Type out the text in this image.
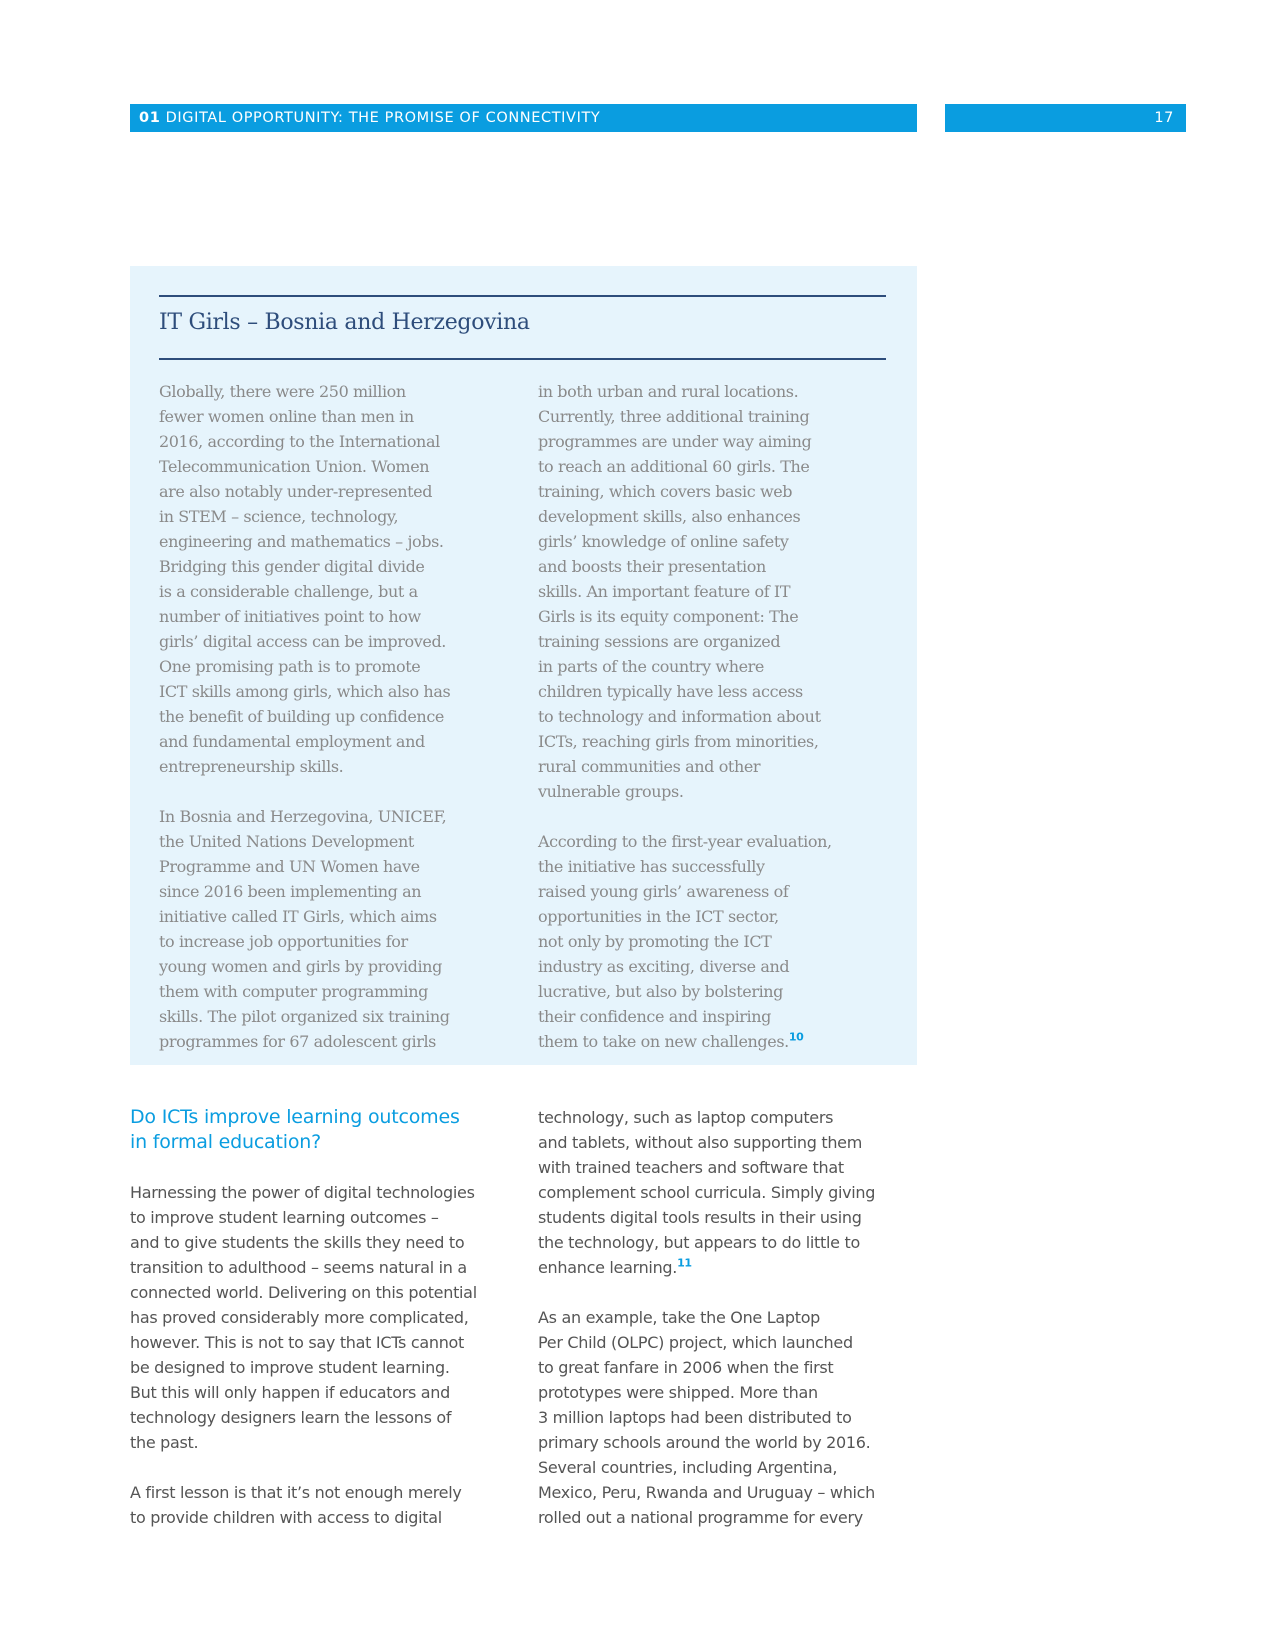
01 DIGITAL OPPORTUNITY: THE PROMISE OF CONNECTIVITY	17
IT Girls – Bosnia and Herzegovina

Globally, there were 250 million
fewer women online than men in
2016, according to the International
Telecommunication Union. Women
are also notably under-represented
in STEM – science, technology,
engineering and mathematics – jobs.
Bridging this gender digital divide
is a considerable challenge, but a
number of initiatives point to how
girls’ digital access can be improved.
One promising path is to promote
ICT skills among girls, which also has
the benefit of building up confidence
and fundamental employment and
entrepreneurship skills.

In Bosnia and Herzegovina, UNICEF,
the United Nations Development
Programme and UN Women have
since 2016 been implementing an
initiative called IT Girls, which aims
to increase job opportunities for
young women and girls by providing
them with computer programming
skills. The pilot organized six training
programmes for 67 adolescent girls

in both urban and rural locations.
Currently, three additional training
programmes are under way aiming
to reach an additional 60 girls. The
training, which covers basic web
development skills, also enhances
girls’ knowledge of online safety
and boosts their presentation
skills. An important feature of IT
Girls is its equity component: The
training sessions are organized
in parts of the country where
children typically have less access
to technology and information about
ICTs, reaching girls from minorities,
rural communities and other
vulnerable groups.

According to the first-year evaluation,
the initiative has successfully
raised young girls’ awareness of
opportunities in the ICT sector,
not only by promoting the ICT
industry as exciting, diverse and
lucrative, but also by bolstering
their confidence and inspiring
them to take on new challenges.$^{10}$

Do ICTs improve learning outcomes
in formal education?

Harnessing the power of digital technologies
to improve student learning outcomes –
and to give students the skills they need to
transition to adulthood – seems natural in a
connected world. Delivering on this potential
has proved considerably more complicated,
however. This is not to say that ICTs cannot
be designed to improve student learning.
But this will only happen if educators and
technology designers learn the lessons of
the past.

A first lesson is that it’s not enough merely
to provide children with access to digital

technology, such as laptop computers
and tablets, without also supporting them
with trained teachers and software that
complement school curricula. Simply giving
students digital tools results in their using
the technology, but appears to do little to
enhance learning.$^{11}$

As an example, take the One Laptop
Per Child (OLPC) project, which launched
to great fanfare in 2006 when the first
prototypes were shipped. More than
3 million laptops had been distributed to
primary schools around the world by 2016.
Several countries, including Argentina,
Mexico, Peru, Rwanda and Uruguay – which
rolled out a national programme for every
